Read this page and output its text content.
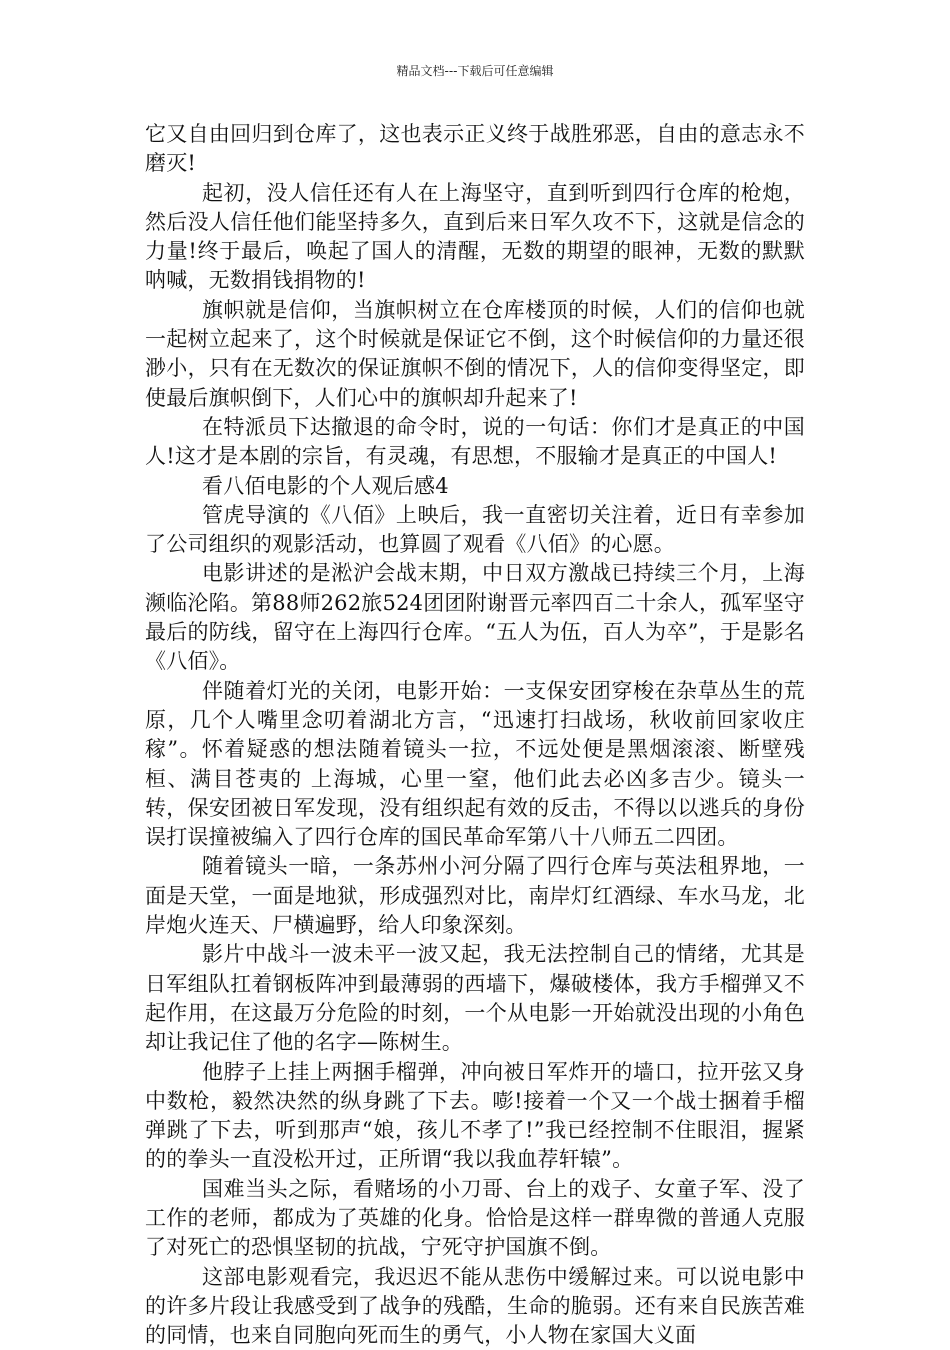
精品文档---下载后可任意编辑

它又自由回归到仓库了，这也表示正义终于战胜邪恶，自由的意志永不磨灭!

起初，没人信任还有人在上海坚守，直到听到四行仓库的枪炮，然后没人信任他们能坚持多久，直到后来日军久攻不下，这就是信念的力量!终于最后，唤起了国人的清醒，无数的期望的眼神，无数的默默呐喊，无数捐钱捐物的!

旗帜就是信仰，当旗帜树立在仓库楼顶的时候，人们的信仰也就一起树立起来了，这个时候就是保证它不倒，这个时候信仰的力量还很渺小，只有在无数次的保证旗帜不倒的情况下，人的信仰变得坚定，即使最后旗帜倒下，人们心中的旗帜却升起来了!

在特派员下达撤退的命令时，说的一句话：你们才是真正的中国人!这才是本剧的宗旨，有灵魂，有思想，不服输才是真正的中国人!

看八佰电影的个人观后感4

管虎导演的《八佰》上映后，我一直密切关注着，近日有幸参加了公司组织的观影活动，也算圆了观看《八佰》的心愿。

电影讲述的是淞沪会战末期，中日双方激战已持续三个月，上海濒临沦陷。第88师262旅524团团附谢晋元率四百二十余人，孤军坚守最后的防线，留守在上海四行仓库。“五人为伍，百人为卒”，于是影名《八佰》。

伴随着灯光的关闭，电影开始：一支保安团穿梭在杂草丛生的荒原，几个人嘴里念叨着湖北方言，“迅速打扫战场，秋收前回家收庄稼”。怀着疑惑的想法随着镜头一拉，不远处便是黑烟滚滚、断壁残桓、满目苍夷的 上海城，心里一窒，他们此去必凶多吉少。镜头一转，保安团被日军发现，没有组织起有效的反击，不得以以逃兵的身份误打误撞被编入了四行仓库的国民革命军第八十八师五二四团。

随着镜头一暗，一条苏州小河分隔了四行仓库与英法租界地，一面是天堂，一面是地狱，形成强烈对比，南岸灯红酒绿、车水马龙，北岸炮火连天、尸横遍野，给人印象深刻。

影片中战斗一波未平一波又起，我无法控制自己的情绪，尤其是日军组队扛着钢板阵冲到最薄弱的西墙下，爆破楼体，我方手榴弹又不起作用，在这最万分危险的时刻，一个从电影一开始就没出现的小角色却让我记住了他的名字—陈树生。

他脖子上挂上两捆手榴弹，冲向被日军炸开的墙口，拉开弦又身中数枪，毅然决然的纵身跳了下去。嘭!接着一个又一个战士捆着手榴弹跳了下去，听到那声“娘，孩儿不孝了!”我已经控制不住眼泪，握紧的的拳头一直没松开过，正所谓“我以我血荐轩辕”。

国难当头之际，看赌场的小刀哥、台上的戏子、女童子军、没了工作的老师，都成为了英雄的化身。恰恰是这样一群卑微的普通人克服了对死亡的恐惧坚韧的抗战，宁死守护国旗不倒。

这部电影观看完，我迟迟不能从悲伤中缓解过来。可以说电影中的许多片段让我感受到了战争的残酷，生命的脆弱。还有来自民族苦难的同情，也来自同胞向死而生的勇气，小人物在家国大义面
